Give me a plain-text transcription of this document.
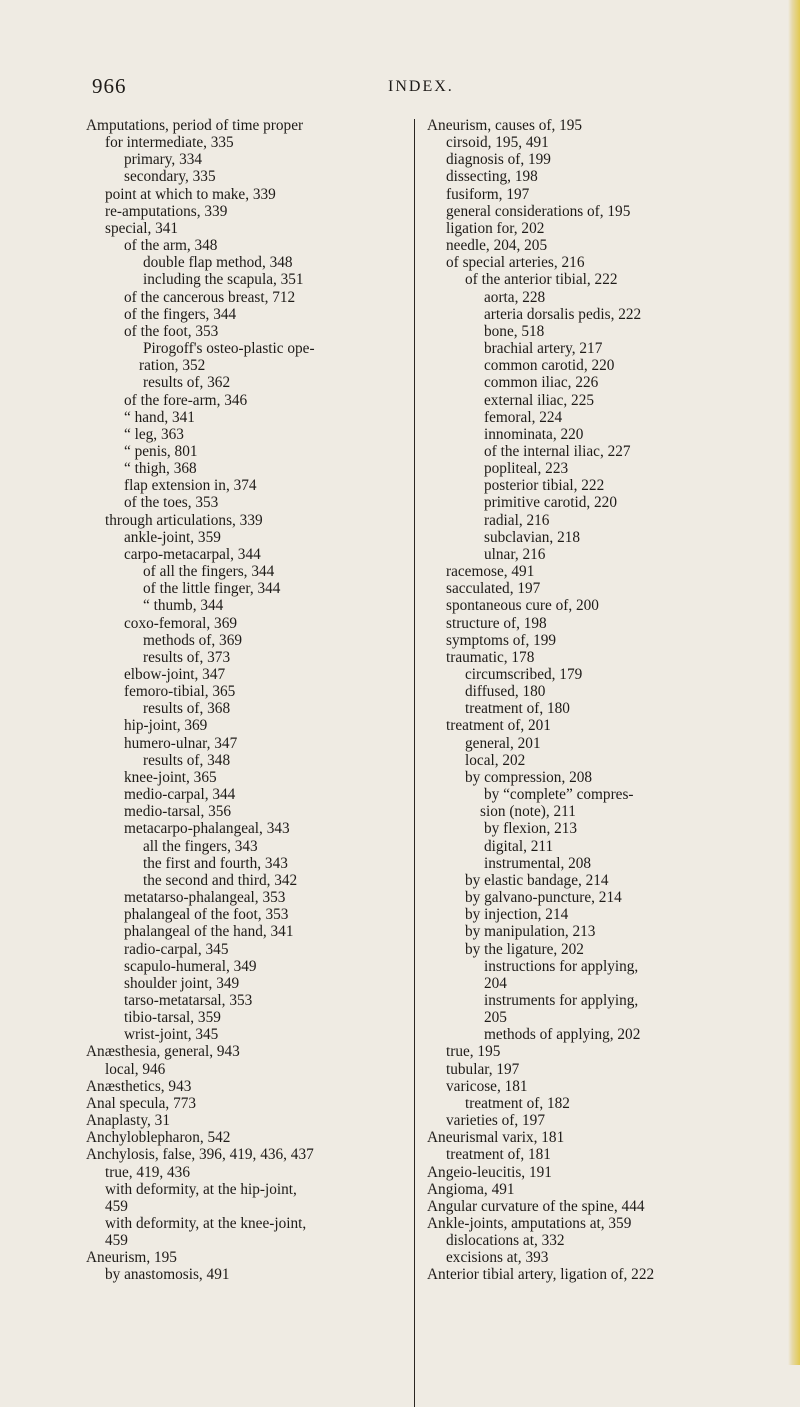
966	INDEX.
Amputations, period of time proper
for intermediate, 335
primary, 334
secondary, 335
point at which to make, 339
re-amputations, 339
special, 341
of the arm, 348
double flap method, 348
including the scapula, 351
of the cancerous breast, 712
of the fingers, 344
of the foot, 353
Pirogoff's osteo-plastic ope-
ration, 352
results of, 362
of the fore-arm, 346
“ hand, 341
“ leg, 363
“ penis, 801
“ thigh, 368
flap extension in, 374
of the toes, 353
through articulations, 339
ankle-joint, 359
carpo-metacarpal, 344
of all the fingers, 344
of the little finger, 344
“ thumb, 344
coxo-femoral, 369
methods of, 369
results of, 373
elbow-joint, 347
femoro-tibial, 365
results of, 368
hip-joint, 369
humero-ulnar, 347
results of, 348
knee-joint, 365
medio-carpal, 344
medio-tarsal, 356
metacarpo-phalangeal, 343
all the fingers, 343
the first and fourth, 343
the second and third, 342
metatarso-phalangeal, 353
phalangeal of the foot, 353
phalangeal of the hand, 341
radio-carpal, 345
scapulo-humeral, 349
shoulder joint, 349
tarso-metatarsal, 353
tibio-tarsal, 359
wrist-joint, 345
Anæsthesia, general, 943
local, 946
Anæsthetics, 943
Anal specula, 773
Anaplasty, 31
Anchyloblepharon, 542
Anchylosis, false, 396, 419, 436, 437
true, 419, 436
with deformity, at the hip-joint,
459
with deformity, at the knee-joint,
459
Aneurism, 195
by anastomosis, 491
Aneurism, causes of, 195
cirsoid, 195, 491
diagnosis of, 199
dissecting, 198
fusiform, 197
general considerations of, 195
ligation for, 202
needle, 204, 205
of special arteries, 216
of the anterior tibial, 222
aorta, 228
arteria dorsalis pedis, 222
bone, 518
brachial artery, 217
common carotid, 220
common iliac, 226
external iliac, 225
femoral, 224
innominata, 220
of the internal iliac, 227
popliteal, 223
posterior tibial, 222
primitive carotid, 220
radial, 216
subclavian, 218
ulnar, 216
racemose, 491
sacculated, 197
spontaneous cure of, 200
structure of, 198
symptoms of, 199
traumatic, 178
circumscribed, 179
diffused, 180
treatment of, 180
treatment of, 201
general, 201
local, 202
by compression, 208
by “complete” compres-
sion (note), 211
by flexion, 213
digital, 211
instrumental, 208
by elastic bandage, 214
by galvano-puncture, 214
by injection, 214
by manipulation, 213
by the ligature, 202
instructions for applying,
204
instruments for applying,
205
methods of applying, 202
true, 195
tubular, 197
varicose, 181
treatment of, 182
varieties of, 197
Aneurismal varix, 181
treatment of, 181
Angeio-leucitis, 191
Angioma, 491
Angular curvature of the spine, 444
Ankle-joints, amputations at, 359
dislocations at, 332
excisions at, 393
Anterior tibial artery, ligation of, 222
